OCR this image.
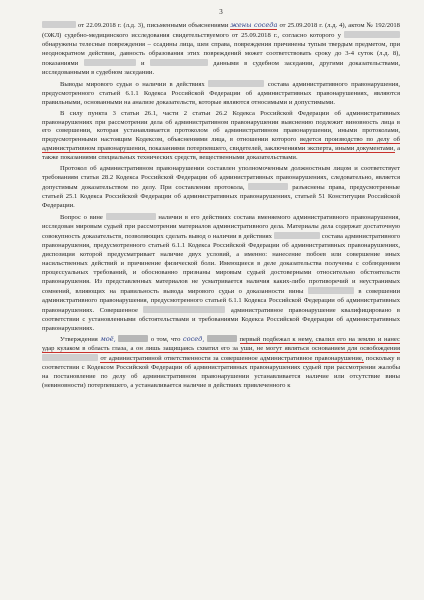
3

от 22.09.2018 г. (л.д. 3), письменными объяснениями жены соседа от 25.09.2018 г. (л.д. 4), актом № 192/2018 (ОЖЛ) судебно-медицинского исследования свидетельствуемого от 25.09.2018 г., согласно которого у  обнаружены телесные повреждения – ссадины лица, шеи справа, повреждения причинены тупым твердым предметом, при неоднократном действии, давность образования этих повреждений может соответствовать сроку до 3-4 суток (л.д. 8), показаниями	и	данными в судебном заседании, другими доказательствами, исследованными в судебном заседании.

Выводы мирового судьи о наличии в действиях	состава административного правонарушения, предусмотренного статьей 6.1.1 Кодекса Российской Федерации об административных правонарушениях, являются правильными, основанными на анализе доказательств, которые являются относимыми и допустимыми.

В силу пункта 3 статьи 26.1, части 2 статьи 26.2 Кодекса Российской Федерации об административных правонарушениях при рассмотрении дела об административном правонарушении выяснению подлежит виновность лица в его совершении, которая устанавливается протоколом об административном правонарушении, иными протоколами, предусмотренными настоящим Кодексом, объяснениями лица, в отношении которого ведется производство по делу об административном правонарушении, показаниями потерпевшего, свидетелей, заключениями эксперта, иными документами, а также показаниями специальных технических средств, вещественными доказательствами.

Протокол об административном правонарушении составлен уполномоченным должностным лицом и соответствует требованиям статьи 28.2 Кодекса Российской Федерации об административных правонарушениях, следовательно, является допустимым доказательством по делу. При составлении протокола,	разъяснены права, предусмотренные статьей 25.1 Кодекса Российской Федерации об административных правонарушениях, статьей 51 Конституции Российской Федерации.

Вопрос о вине	наличии в его действиях состава вменяемого административного правонарушения, исследован мировым судьей при рассмотрении материалов административного дела. Материалы дела содержат достаточную совокупность доказательств, позволяющих сделать вывод о наличии в действиях	состава административного правонарушения, предусмотренного статьей 6.1.1 Кодекса Российской Федерации об административных правонарушениях, диспозиция которой предусматривает наличие двух условий, а именно: нанесение побоев или совершение иных насильственных действий и причинение физической боли. Имеющиеся в деле доказательства получены с соблюдением процессуальных требований, и обоснованно признаны мировым судьей достоверными относительно обстоятельств правонарушения. Из представленных материалов не усматривается наличия каких-либо противоречий и неустранимых сомнений, влияющих на правильность вывода мирового судьи о доказанности вины	в совершении административного правонарушения, предусмотренного статьей 6.1.1 Кодекса Российской Федерации об административных правонарушениях. Совершенное	административное правонарушение квалифицировано в соответствии с установленными обстоятельствами и требованиями Кодекса Российской Федерации об административных правонарушениях.

Утверждения моё,	о том, что сосед,	первый подбежал к нему, свалил его на землю и нанес удар кулаком в область глаза, а он лишь защищаясь схватил его за уши, не могут являться основанием для освобождения  от административной ответственности за совершенное административное правонарушение, поскольку в соответствии с Кодексом Российской Федерации об административных правонарушениях судьей при рассмотрении жалобы на постановление по делу об административном правонарушении устанавливается наличие или отсутствие вины (невиновности) потерпевшего, а устанавливается наличие в действиях привлеченного к
